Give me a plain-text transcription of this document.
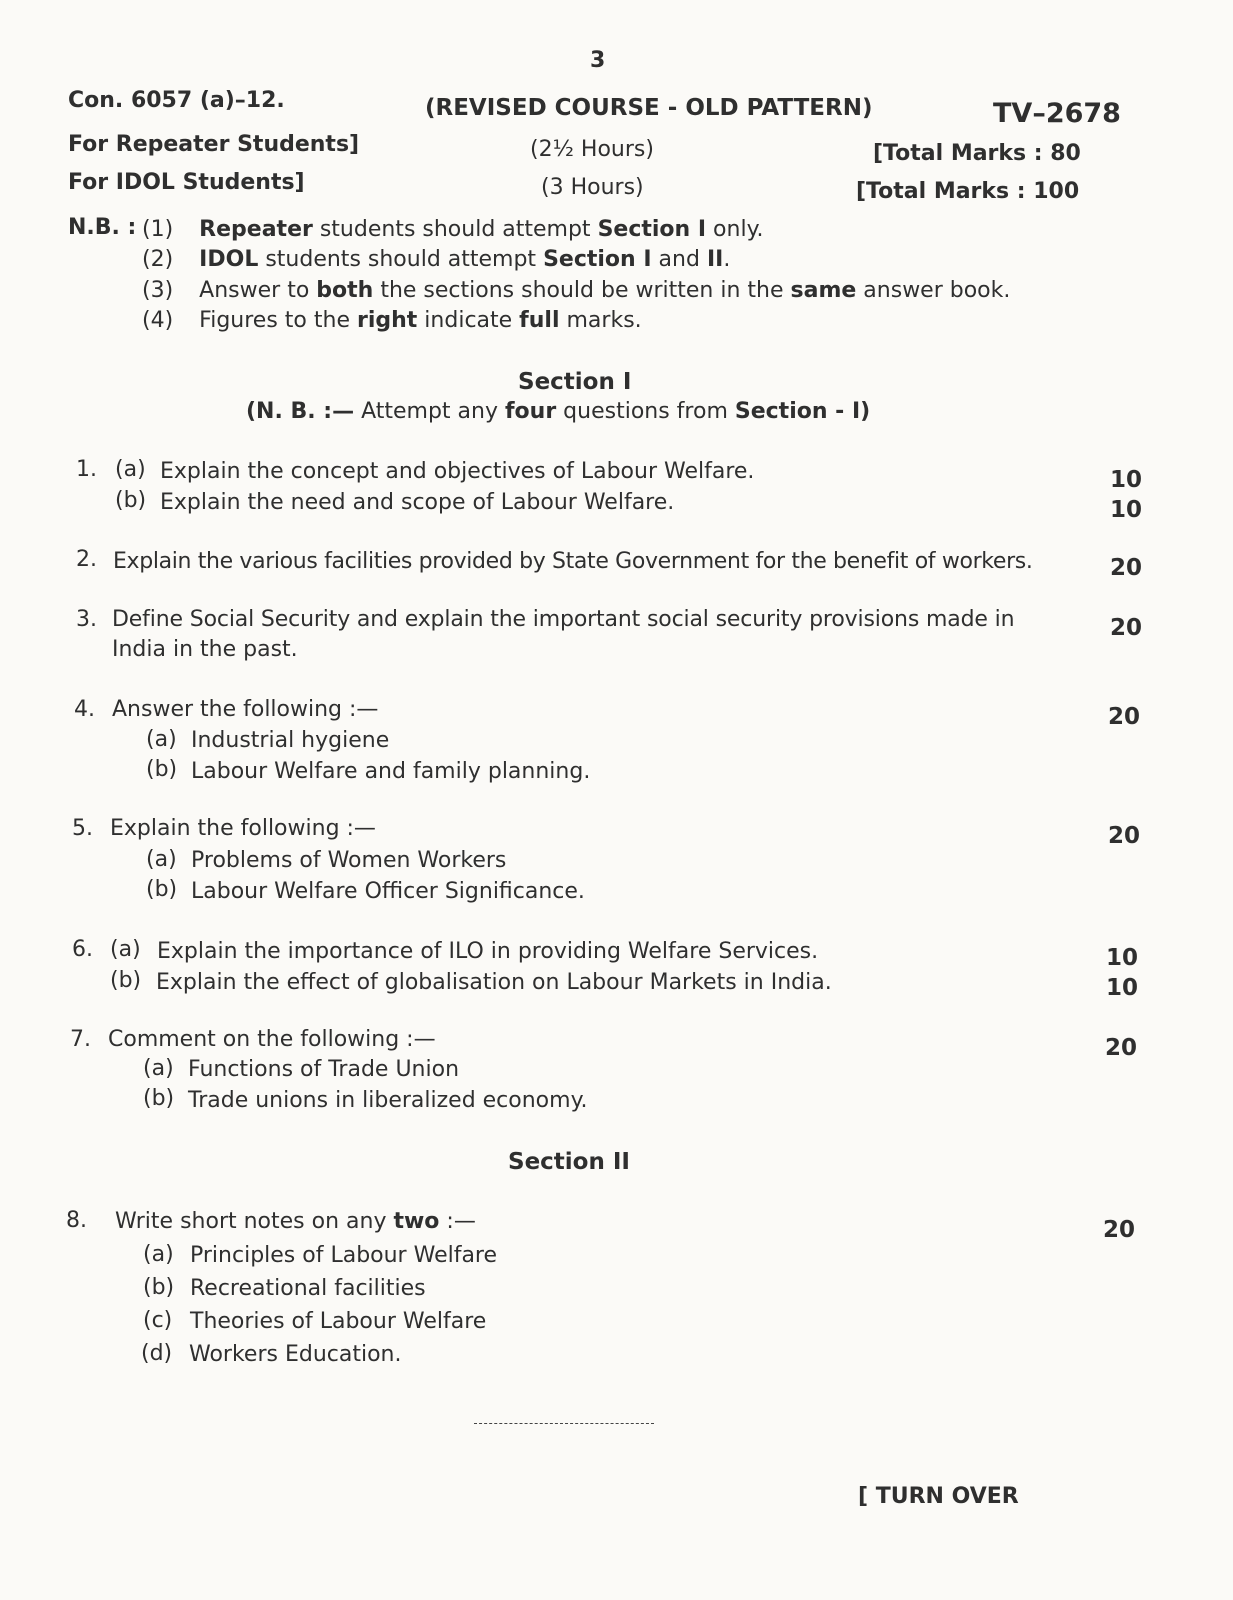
3
Con. 6057 (a)–12.	(REVISED COURSE - OLD PATTERN)	TV–2678
For Repeater Students]	(2½ Hours)	[Total Marks : 80
For IDOL Students]	(3 Hours)	[Total Marks : 100
N.B. : (1) Repeater students should attempt Section I only.
(2) IDOL students should attempt Section I and II.
(3) Answer to both the sections should be written in the same answer book.
(4) Figures to the right indicate full marks.
Section I
(N. B. :— Attempt any four questions from Section - I)
1. (a) Explain the concept and objectives of Labour Welfare.	10
(b) Explain the need and scope of Labour Welfare.	10
2. Explain the various facilities provided by State Government for the benefit of workers.	20
3. Define Social Security and explain the important social security provisions made in
India in the past.
20
4. Answer the following :—	20
(a) Industrial hygiene
(b) Labour Welfare and family planning.
5. Explain the following :—	20
(a) Problems of Women Workers
(b) Labour Welfare Officer Significance.
6. (a) Explain the importance of ILO in providing Welfare Services.	10
(b) Explain the effect of globalisation on Labour Markets in India.	10
7. Comment on the following :—	20
(a) Functions of Trade Union
(b) Trade unions in liberalized economy.
Section II
8. Write short notes on any two :—	20
(a) Principles of Labour Welfare
(b) Recreational facilities
(c) Theories of Labour Welfare
(d) Workers Education.
[ TURN OVER
